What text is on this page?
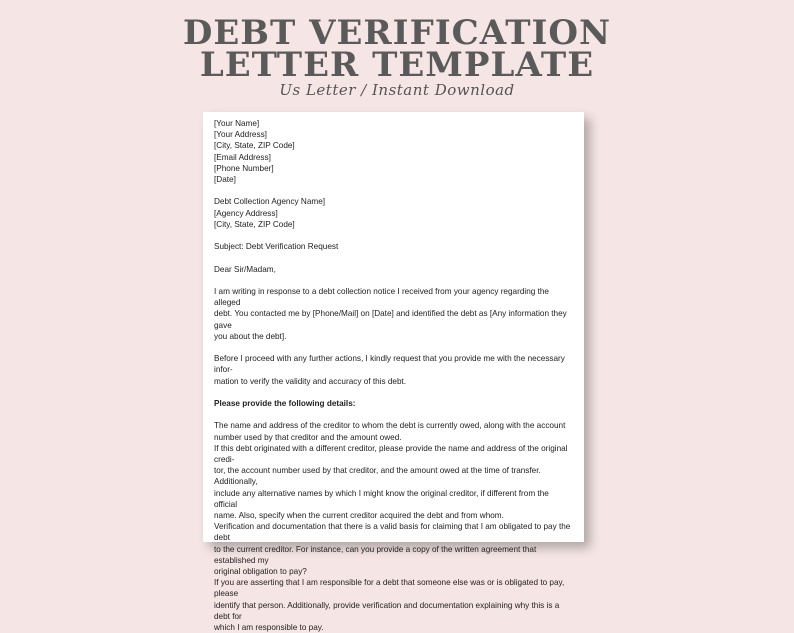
DEBT VERIFICATION
LETTER TEMPLATE

Us Letter / Instant Download

[Your Name]

[Your Address]

[City, State, ZIP Code]

[Email Address]

[Phone Number]

[Date]

Debt Collection Agency Name]

[Agency Address]

[City, State, ZIP Code]

Subject: Debt Verification Request

Dear Sir/Madam,

I am writing in response to a debt collection notice I received from your agency regarding the alleged

debt. You contacted me by [Phone/Mail] on [Date] and identified the debt as [Any information they gave

you about the debt].

Before I proceed with any further actions, I kindly request that you provide me with the necessary infor-

mation to verify the validity and accuracy of this debt.

Please provide the following details:

The name and address of the creditor to whom the debt is currently owed, along with the account

number used by that creditor and the amount owed.

If this debt originated with a different creditor, please provide the name and address of the original credi-

tor, the account number used by that creditor, and the amount owed at the time of transfer. Additionally,

include any alternative names by which I might know the original creditor, if different from the official

name. Also, specify when the current creditor acquired the debt and from whom.

Verification and documentation that there is a valid basis for claiming that I am obligated to pay the debt

to the current creditor. For instance, can you provide a copy of the written agreement that established my

original obligation to pay?

If you are asserting that I am responsible for a debt that someone else was or is obligated to pay, please

identify that person. Additionally, provide verification and documentation explaining why this is a debt for

which I am responsible to pay.
